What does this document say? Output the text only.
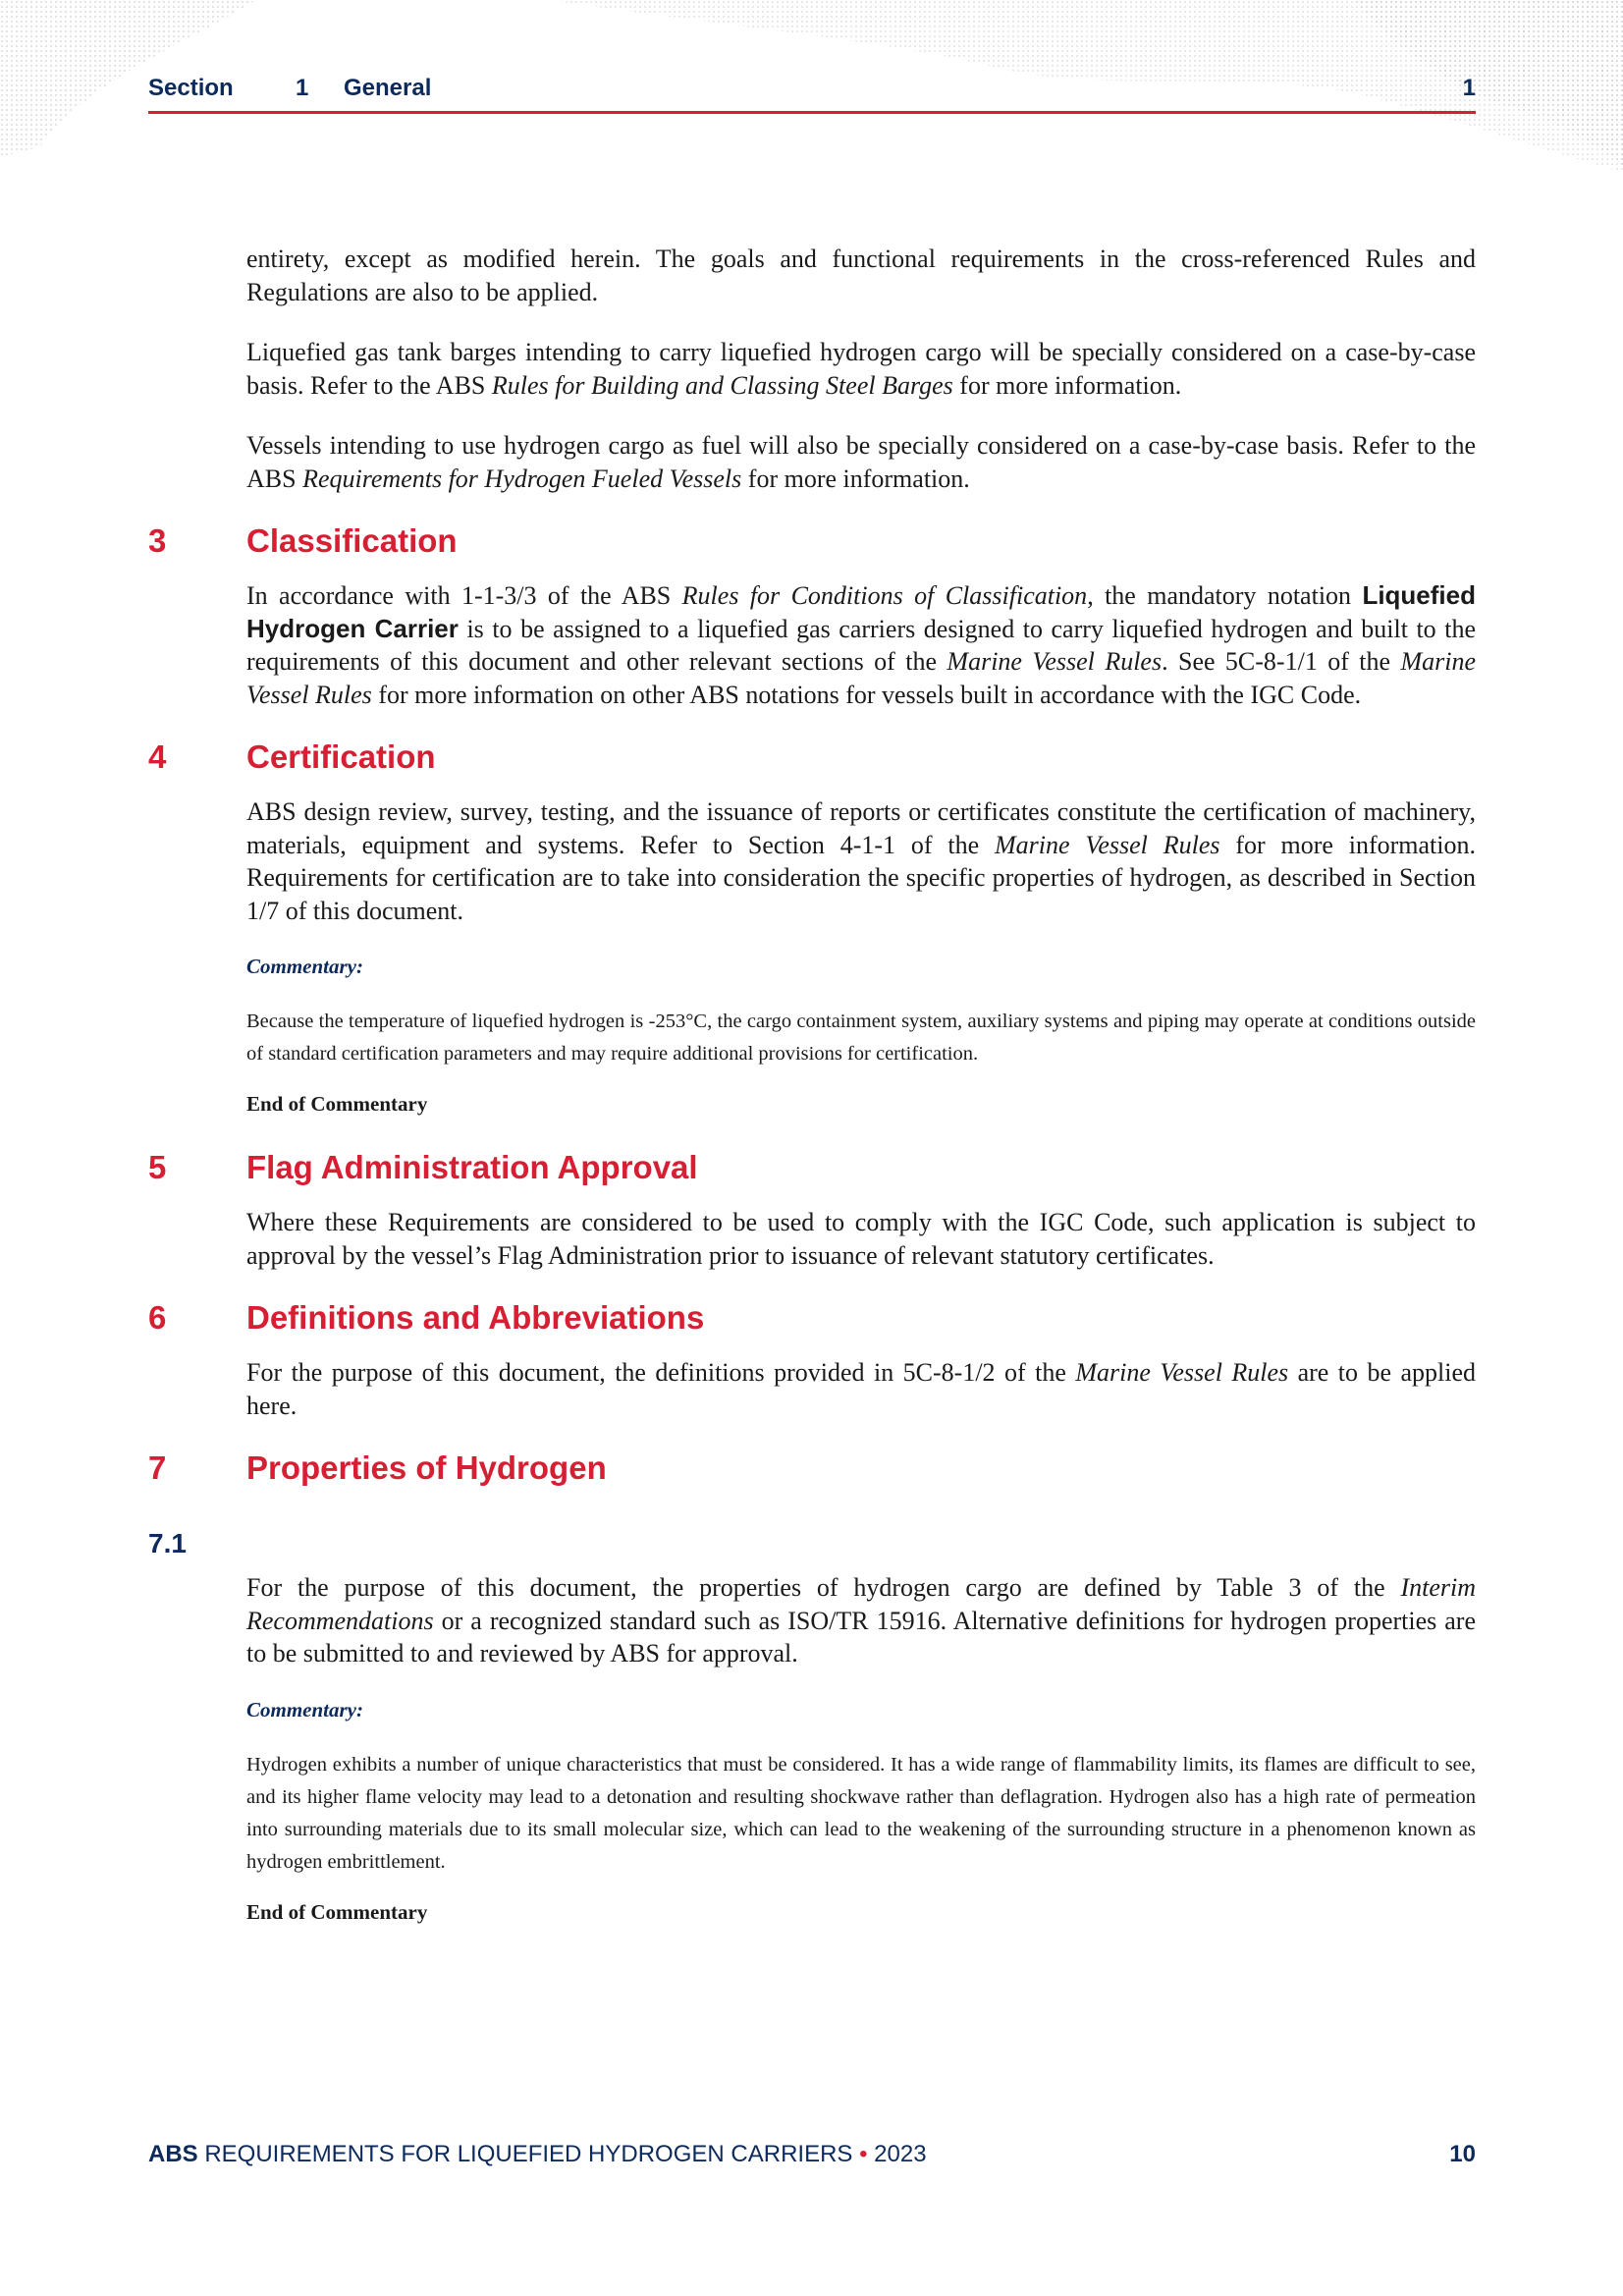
Section	1 General	1

entirety, except as modified herein. The goals and functional requirements in the cross-referenced Rules and Regulations are also to be applied.

Liquefied gas tank barges intending to carry liquefied hydrogen cargo will be specially considered on a case-by-case basis. Refer to the ABS Rules for Building and Classing Steel Barges for more information.

Vessels intending to use hydrogen cargo as fuel will also be specially considered on a case-by-case basis. Refer to the ABS Requirements for Hydrogen Fueled Vessels for more information.

3 Classification

In accordance with 1-1-3/3 of the ABS Rules for Conditions of Classification, the mandatory notation Liquefied Hydrogen Carrier is to be assigned to a liquefied gas carriers designed to carry liquefied hydrogen and built to the requirements of this document and other relevant sections of the Marine Vessel Rules. See 5C-8-1/1 of the Marine Vessel Rules for more information on other ABS notations for vessels built in accordance with the IGC Code.

4 Certification

ABS design review, survey, testing, and the issuance of reports or certificates constitute the certification of machinery, materials, equipment and systems. Refer to Section 4-1-1 of the Marine Vessel Rules for more information. Requirements for certification are to take into consideration the specific properties of hydrogen, as described in Section 1/7 of this document.

Commentary:

Because the temperature of liquefied hydrogen is -253°C, the cargo containment system, auxiliary systems and piping may operate at conditions outside of standard certification parameters and may require additional provisions for certification.

End of Commentary
5 Flag Administration Approval

Where these Requirements are considered to be used to comply with the IGC Code, such application is subject to approval by the vessel’s Flag Administration prior to issuance of relevant statutory certificates.

6 Definitions and Abbreviations

For the purpose of this document, the definitions provided in 5C-8-1/2 of the Marine Vessel Rules are to be applied here.

7 Properties of Hydrogen
7.1

For the purpose of this document, the properties of hydrogen cargo are defined by Table 3 of the Interim Recommendations or a recognized standard such as ISO/TR 15916. Alternative definitions for hydrogen properties are to be submitted to and reviewed by ABS for approval.

Commentary:

Hydrogen exhibits a number of unique characteristics that must be considered. It has a wide range of flammability limits, its flames are difficult to see, and its higher flame velocity may lead to a detonation and resulting shockwave rather than deflagration. Hydrogen also has a high rate of permeation into surrounding materials due to its small molecular size, which can lead to the weakening of the surrounding structure in a phenomenon known as hydrogen embrittlement.

End of Commentary
ABS REQUIREMENTS FOR LIQUEFIED HYDROGEN CARRIERS • 2023	10
